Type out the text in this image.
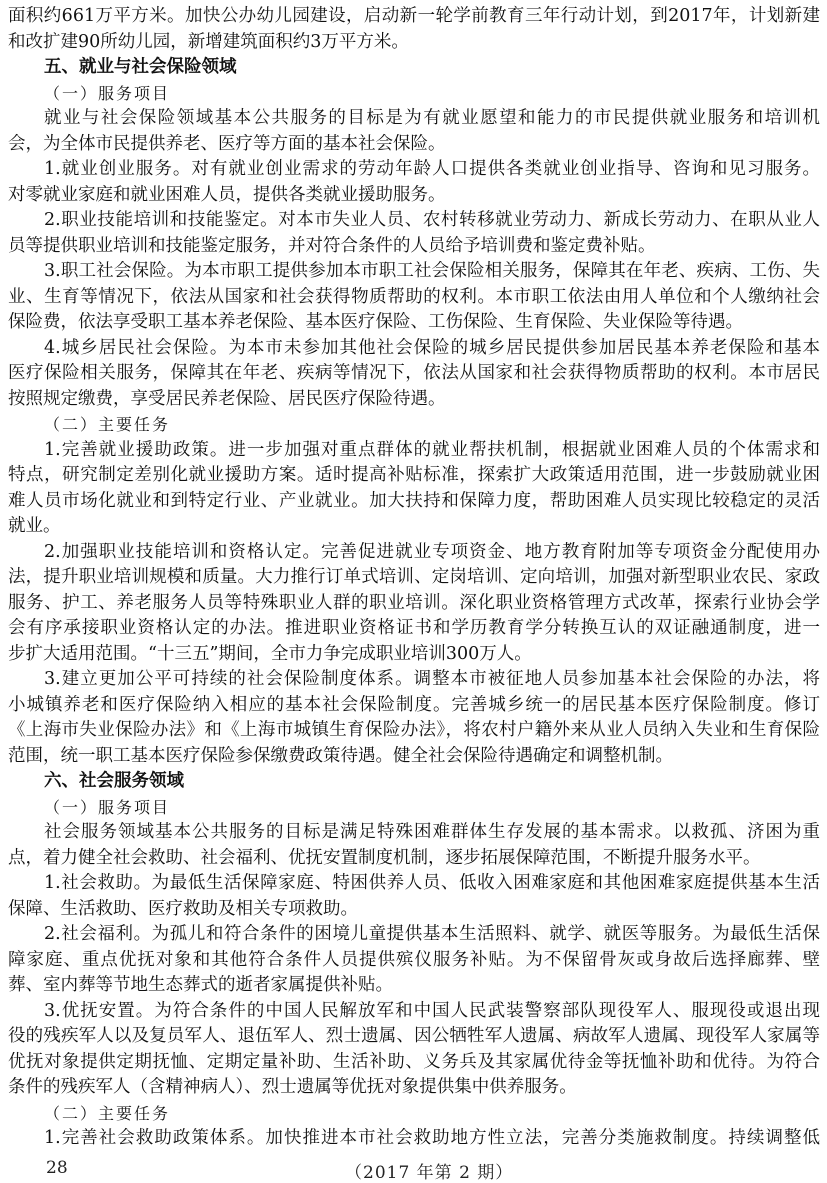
面积约661万平方米。加快公办幼儿园建设，启动新一轮学前教育三年行动计划，到2017年，计划新建
和改扩建90所幼儿园，新增建筑面积约3万平方米。
五、就业与社会保险领域
（一）服务项目
就业与社会保险领域基本公共服务的目标是为有就业愿望和能力的市民提供就业服务和培训机
会，为全体市民提供养老、医疗等方面的基本社会保险。
1.就业创业服务。对有就业创业需求的劳动年龄人口提供各类就业创业指导、咨询和见习服务。
对零就业家庭和就业困难人员，提供各类就业援助服务。
2.职业技能培训和技能鉴定。对本市失业人员、农村转移就业劳动力、新成长劳动力、在职从业人
员等提供职业培训和技能鉴定服务，并对符合条件的人员给予培训费和鉴定费补贴。
3.职工社会保险。为本市职工提供参加本市职工社会保险相关服务，保障其在年老、疾病、工伤、失
业、生育等情况下，依法从国家和社会获得物质帮助的权利。本市职工依法由用人单位和个人缴纳社会
保险费，依法享受职工基本养老保险、基本医疗保险、工伤保险、生育保险、失业保险等待遇。
4.城乡居民社会保险。为本市未参加其他社会保险的城乡居民提供参加居民基本养老保险和基本
医疗保险相关服务，保障其在年老、疾病等情况下，依法从国家和社会获得物质帮助的权利。本市居民
按照规定缴费，享受居民养老保险、居民医疗保险待遇。
（二）主要任务
1.完善就业援助政策。进一步加强对重点群体的就业帮扶机制，根据就业困难人员的个体需求和
特点，研究制定差别化就业援助方案。适时提高补贴标准，探索扩大政策适用范围，进一步鼓励就业困
难人员市场化就业和到特定行业、产业就业。加大扶持和保障力度，帮助困难人员实现比较稳定的灵活
就业。
2.加强职业技能培训和资格认定。完善促进就业专项资金、地方教育附加等专项资金分配使用办
法，提升职业培训规模和质量。大力推行订单式培训、定岗培训、定向培训，加强对新型职业农民、家政
服务、护工、养老服务人员等特殊职业人群的职业培训。深化职业资格管理方式改革，探索行业协会学
会有序承接职业资格认定的办法。推进职业资格证书和学历教育学分转换互认的双证融通制度，进一
步扩大适用范围。“十三五”期间，全市力争完成职业培训300万人。
3.建立更加公平可持续的社会保险制度体系。调整本市被征地人员参加基本社会保险的办法，将
小城镇养老和医疗保险纳入相应的基本社会保险制度。完善城乡统一的居民基本医疗保险制度。修订
《上海市失业保险办法》和《上海市城镇生育保险办法》，将农村户籍外来从业人员纳入失业和生育保险
范围，统一职工基本医疗保险参保缴费政策待遇。健全社会保险待遇确定和调整机制。
六、社会服务领域
（一）服务项目
社会服务领域基本公共服务的目标是满足特殊困难群体生存发展的基本需求。以救孤、济困为重
点，着力健全社会救助、社会福利、优抚安置制度机制，逐步拓展保障范围，不断提升服务水平。
1.社会救助。为最低生活保障家庭、特困供养人员、低收入困难家庭和其他困难家庭提供基本生活
保障、生活救助、医疗救助及相关专项救助。
2.社会福利。为孤儿和符合条件的困境儿童提供基本生活照料、就学、就医等服务。为最低生活保
障家庭、重点优抚对象和其他符合条件人员提供殡仪服务补贴。为不保留骨灰或身故后选择廊葬、壁
葬、室内葬等节地生态葬式的逝者家属提供补贴。
3.优抚安置。为符合条件的中国人民解放军和中国人民武装警察部队现役军人、服现役或退出现
役的残疾军人以及复员军人、退伍军人、烈士遗属、因公牺牲军人遗属、病故军人遗属、现役军人家属等
优抚对象提供定期抚恤、定期定量补助、生活补助、义务兵及其家属优待金等抚恤补助和优待。为符合
条件的残疾军人（含精神病人）、烈士遗属等优抚对象提供集中供养服务。
（二）主要任务
1.完善社会救助政策体系。加快推进本市社会救助地方性立法，完善分类施救制度。持续调整低
28	（2017 年第 2 期）
